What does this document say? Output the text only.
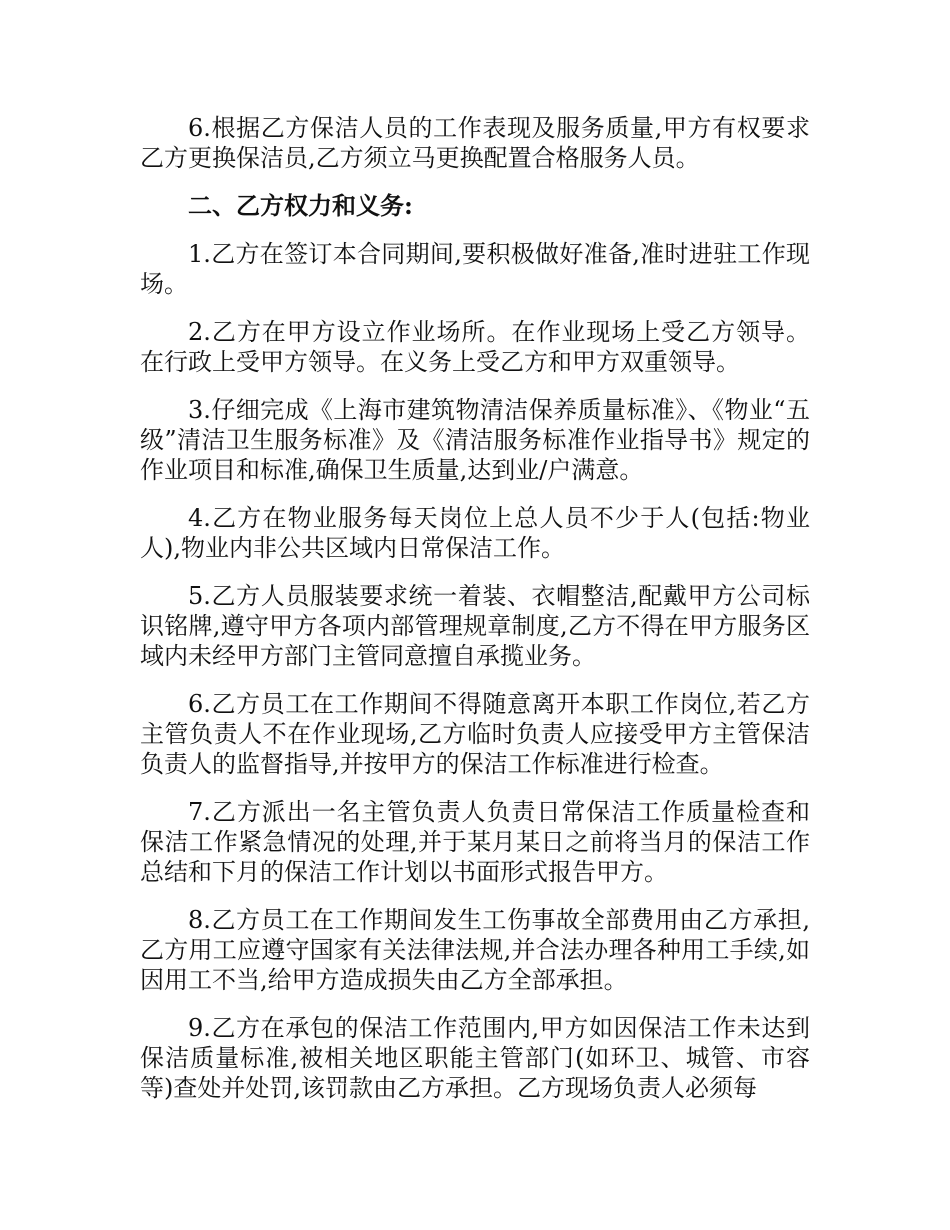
6.根据乙方保洁人员的工作表现及服务质量,甲方有权要求乙方更换保洁员,乙方须立马更换配置合格服务人员。

二、乙方权力和义务:

1.乙方在签订本合同期间,要积极做好准备,准时进驻工作现场。

2.乙方在甲方设立作业场所。在作业现场上受乙方领导。在行政上受甲方领导。在义务上受乙方和甲方双重领导。

3.仔细完成《上海市建筑物清洁保养质量标准》、《物业“五级”清洁卫生服务标准》及《清洁服务标准作业指导书》规定的作业项目和标准,确保卫生质量,达到业/户满意。

4.乙方在物业服务每天岗位上总人员不少于人(包括:物业人),物业内非公共区域内日常保洁工作。

5.乙方人员服装要求统一着装、衣帽整洁,配戴甲方公司标识铭牌,遵守甲方各项内部管理规章制度,乙方不得在甲方服务区域内未经甲方部门主管同意擅自承揽业务。

6.乙方员工在工作期间不得随意离开本职工作岗位,若乙方主管负责人不在作业现场,乙方临时负责人应接受甲方主管保洁负责人的监督指导,并按甲方的保洁工作标准进行检查。

7.乙方派出一名主管负责人负责日常保洁工作质量检查和保洁工作紧急情况的处理,并于某月某日之前将当月的保洁工作总结和下月的保洁工作计划以书面形式报告甲方。

8.乙方员工在工作期间发生工伤事故全部费用由乙方承担,乙方用工应遵守国家有关法律法规,并合法办理各种用工手续,如因用工不当,给甲方造成损失由乙方全部承担。

9.乙方在承包的保洁工作范围内,甲方如因保洁工作未达到保洁质量标准,被相关地区职能主管部门(如环卫、城管、市容等)查处并处罚,该罚款由乙方承担。乙方现场负责人必须每
